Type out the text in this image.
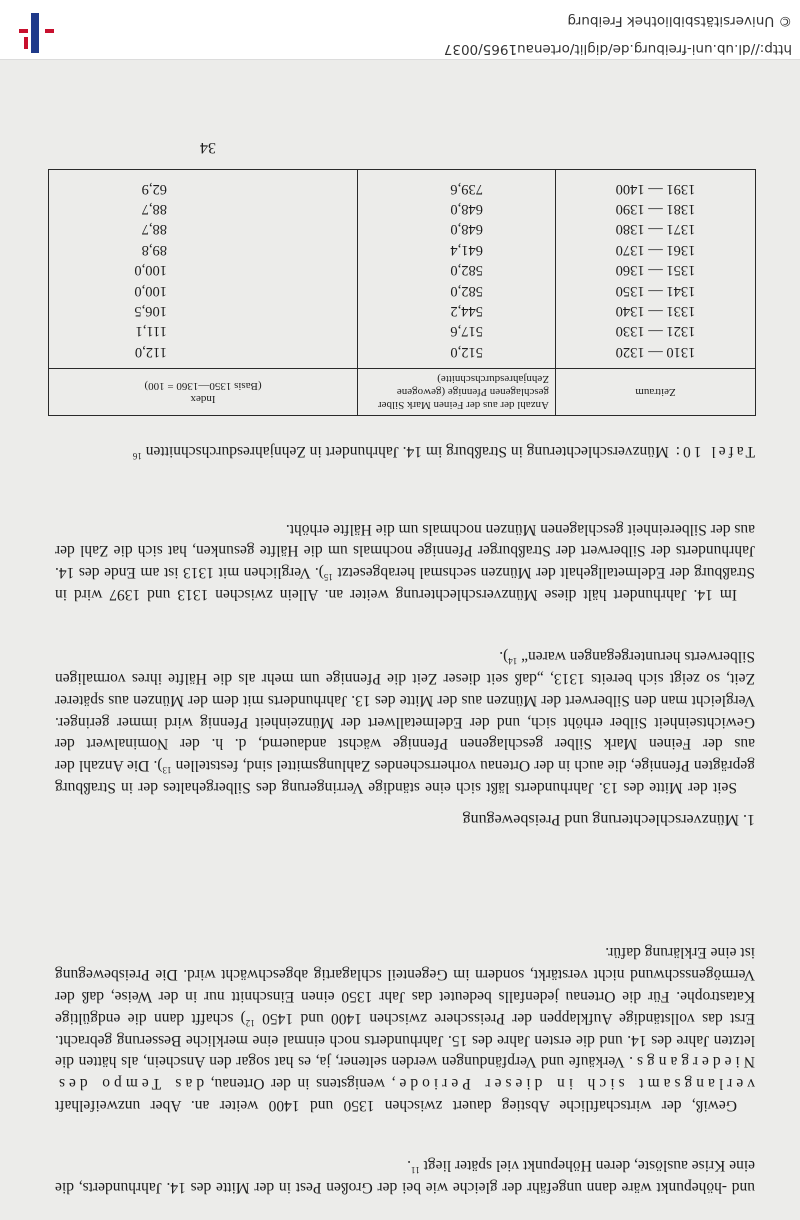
und -höhepunkt wäre dann ungefähr der gleiche wie bei der Großen Pest in der Mitte des 14. Jahrhunderts, die eine Krise auslöste, deren Höhepunkt viel später liegt $^{11}$.

Gewiß, der wirtschaftliche Abstieg dauert zwischen 1350 und 1400 weiter an. Aber unzweifelhaft verlangsamt sich in dieser Periode, wenigstens in der Ortenau, das Tempo des Niedergangs. Verkäufe und Verpfändungen werden seltener, ja, es hat sogar den Anschein, als hätten die letzten Jahre des 14. und die ersten Jahre des 15. Jahrhunderts noch einmal eine merkliche Besserung gebracht. Erst das vollständige Aufklappen der Preisschere zwischen 1400 und 1450 $^{12}$) schafft dann die endgültige Katastrophe. Für die Ortenau jedenfalls bedeutet das Jahr 1350 einen Einschnitt nur in der Weise, daß der Vermögensschwund nicht verstärkt, sondern im Gegenteil schlagartig abgeschwächt wird. Die Preisbewegung ist eine Erklärung dafür.

1. Münzverschlechterung und Preisbewegung

Seit der Mitte des 13. Jahrhunderts läßt sich eine ständige Verringerung des Silbergehaltes der in Straßburg geprägten Pfennige, die auch in der Ortenau vorherrschendes Zahlungsmittel sind, feststellen $^{13}$). Die Anzahl der aus der Feinen Mark Silber geschlagenen Pfennige wächst andauernd, d. h. der Nominalwert der Gewichtseinheit Silber erhöht sich, und der Edelmetallwert der Münzeinheit Pfennig wird immer geringer. Vergleicht man den Silberwert der Münzen aus der Mitte des 13. Jahrhunderts mit dem der Münzen aus späterer Zeit, so zeigt sich bereits 1313, „daß seit dieser Zeit die Pfennige um mehr als die Hälfte ihres vormaligen Silberwerts heruntergegangen waren“ $^{14}$).

Im 14. Jahrhundert hält diese Münzverschlechterung weiter an. Allein zwischen 1313 und 1397 wird in Straßburg der Edelmetallgehalt der Münzen sechsmal herabgesetzt $^{15}$). Verglichen mit 1313 ist am Ende des 14. Jahrhunderts der Silberwert der Straßburger Pfennige nochmals um die Hälfte gesunken, hat sich die Zahl der aus der Silbereinheit geschlagenen Münzen nochmals um die Hälfte erhöht.

Tafel 10: Münzverschlechterung in Straßburg im 14. Jahrhundert in Zehnjahresdurchschnitten $^{16}$

Zeitraum	Anzahl der aus der Feinen Mark Silber geschlagenen Pfennige (gewogene Zehnjahresdurchschnitte)	Index
(Basis 1350—1360 = 100)

1310 — 1320	512,0	112,0
1321 — 1330	517,6	111,1
1331 — 1340	544,2	106,5
1341 — 1350	582,0	100,0
1351 — 1360	582,0	100,0
1361 — 1370	641,4	89,8
1371 — 1380	648,0	88,7
1381 — 1390	648,0	88,7
1391 — 1400	739,6	62,9
34
http://dl.ub.uni-freiburg.de/diglit/ortenau1965/0037
© Universitätsbibliothek Freiburg
